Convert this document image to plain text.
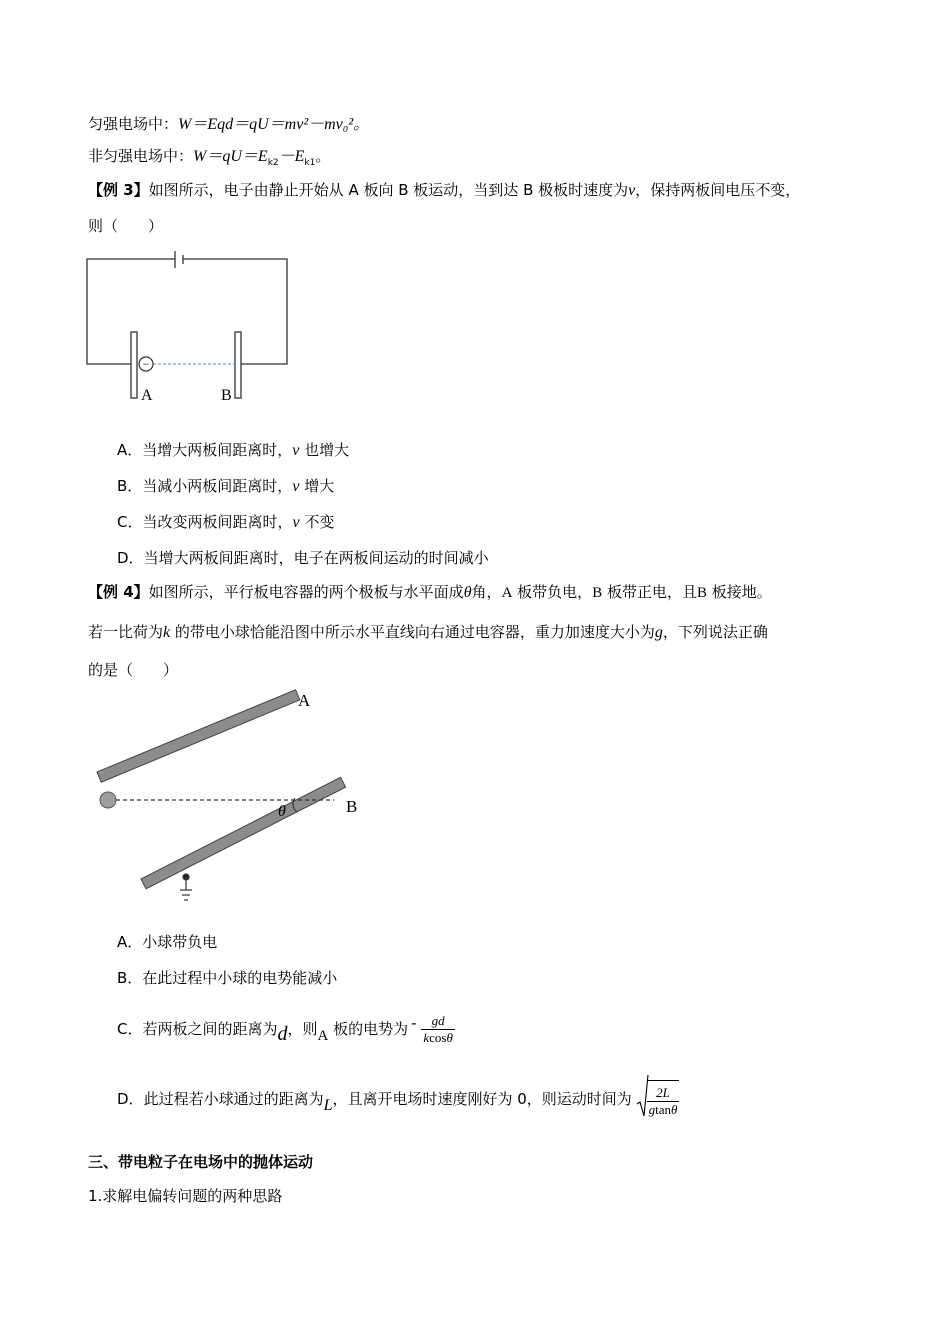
匀强电场中：W＝Eqd＝qU＝mv²－mv₀²。
非匀强电场中：$W=qU=E_{k2}-E_{k1}$。
【例 3】如图所示，电子由静止开始从 A 板向 B 板运动，当到达 B 极板时速度为v，保持两板间电压不变，
则（　　）
−
A	B
A．当增大两板间距离时，v 也增大
B．当减小两板间距离时，v 增大
C．当改变两板间距离时，v 不变
D．当增大两板间距离时，电子在两板间运动的时间减小
【例 4】如图所示，平行板电容器的两个极板与水平面成θ角，A 板带负电，B 板带正电，且B 板接地。
若一比荷为k 的带电小球恰能沿图中所示水平直线向右通过电容器，重力加速度大小为g，下列说法正确
的是（　　）
θ
A
B
A．小球带负电
B．在此过程中小球的电势能减小
C．若两板之间的距离为d，则A 板的电势为 - $\frac{gd}{kcos\theta}$
D．此过程若小球通过的距离为L，且离开电场时速度刚好为 0，则运动时间为 $\frac{2L}{gtan\theta}$
三、带电粒子在电场中的抛体运动
1.求解电偏转问题的两种思路
